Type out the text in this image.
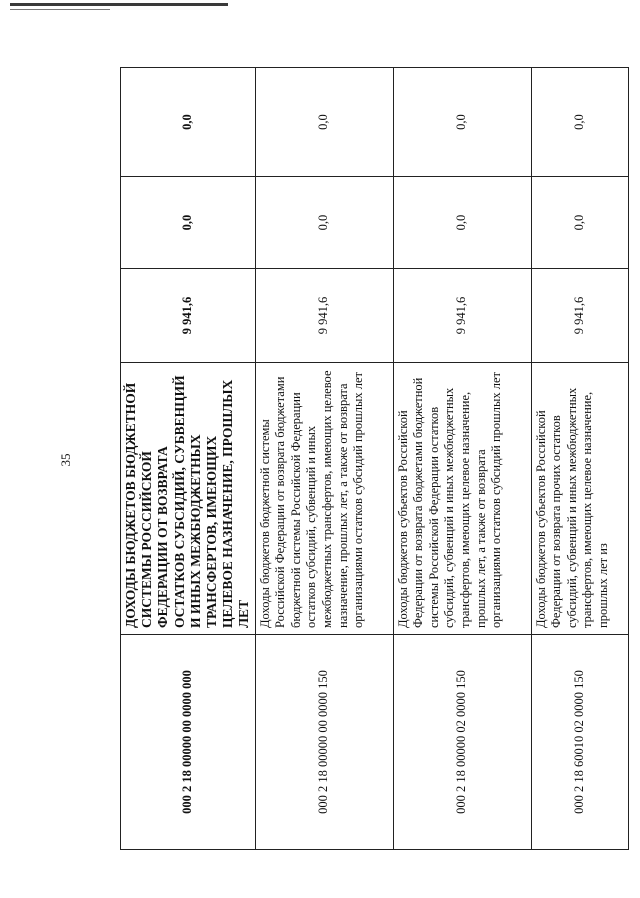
35
000 2 18 00000 00 0000 000	ДОХОДЫ БЮДЖЕТОВ БЮДЖЕТНОЙ СИСТЕМЫ РОССИЙСКОЙ ФЕДЕРАЦИИ ОТ ВОЗВРАТА ОСТАТКОВ СУБСИДИЙ, СУБВЕНЦИЙ И ИНЫХ МЕЖБЮДЖЕТНЫХ ТРАНСФЕРТОВ, ИМЕЮЩИХ ЦЕЛЕВОЕ НАЗНАЧЕНИЕ, ПРОШЛЫХ ЛЕТ	9 941,6	0,0	0,0
000 2 18 00000 00 0000 150	Доходы бюджетов бюджетной системы Российской Федерации от возврата бюджетами бюджетной системы Российской Федерации остатков субсидий, субвенций и иных межбюджетных трансфертов, имеющих целевое назначение, прошлых лет, а также от возврата организациями остатков субсидий прошлых лет	9 941,6	0,0	0,0
000 2 18 00000 02 0000 150	Доходы бюджетов субъектов Российской Федерации от возврата бюджетами бюджетной системы Российской Федерации остатков субсидий, субвенций и иных межбюджетных трансфертов, имеющих целевое назначение, прошлых лет, а также от возврата организациями остатков субсидий прошлых лет	9 941,6	0,0	0,0
000 2 18 60010 02 0000 150	Доходы бюджетов субъектов Российской Федерации от возврата прочих остатков субсидий, субвенций и иных межбюджетных трансфертов, имеющих целевое назначение, прошлых лет из	9 941,6	0,0	0,0
